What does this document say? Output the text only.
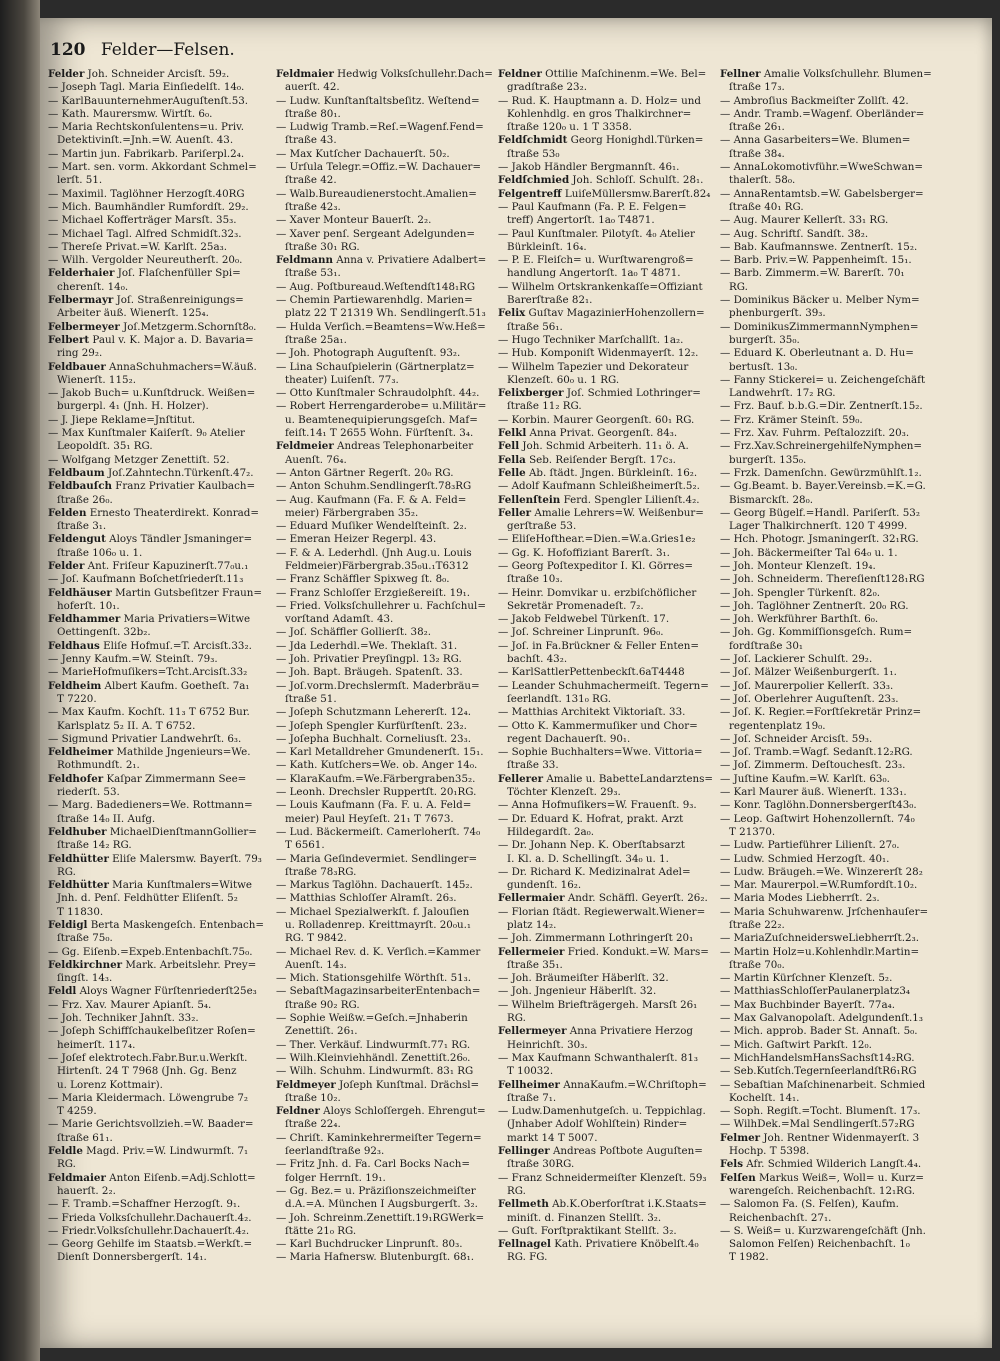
120 Felder—Felsen.
Felder Joh. Schneider Arcisſt. 59₂.
— Joseph Tagl. Maria Einſiedelſt. 14₀.
— KarlBauunternehmerAuguſtenſt.53.
— Kath. Maurersmw. Wirtſt. 6₀.
— Maria Rechtskonſulentens=u. Priv.
Detektivinſt.=Jnh.=W. Auenſt. 43.
— Martin jun. Fabrikarb. Pariſerpl.2₄.
— Mart. sen. vorm. Akkordant Schmel=
lerſt. 51.
— Maximil. Taglöhner Herzogſt.40RG
— Mich. Baumhändler Rumfordſt. 29₂.
— Michael Kofferträger Marsſt. 35₃.
— Michael Tagl. Alfred Schmidſt.32₃.
— Thereſe Privat.=W. Karlſt. 25a₃.
— Wilh. Vergolder Neureutherſt. 20₀.
Felderhaier Joſ. Flaſchenfüller Spi=
cherenſt. 14₀.
Felbermayr Joſ. Straßenreinigungs=
Arbeiter äuß. Wienerſt. 125₄.
Felbermeyer Joſ.Metzgerm.Schornſt8₀.
Felbert Paul v. K. Major a. D. Bavaria=
ring 29₂.
Feldbauer AnnaSchuhmachers=W.äuß.
Wienerſt. 115₂.
— Jakob Buch= u.Kunſtdruck. Weißen=
burgerpl. 4₁ (Jnh. H. Holzer).
— J. Jiepe Reklame=Jnſtitut.
— Max Kunſtmaler Kaiſerſt. 9₀ Atelier
Leopoldſt. 35₁ RG.
— Wolfgang Metzger Zenettiſt. 52.
Feldbaum Joſ.Zahntechn.Türkenſt.47₂.
Feldbauſch Franz Privatier Kaulbach=
ſtraße 26₀.
Felden Ernesto Theaterdirekt. Konrad=
ſtraße 3₁.
Feldengut Aloys Tändler Jsmaninger=
ſtraße 106₀ u. 1.
Felder Ant. Friſeur Kapuzinerſt.77₀u.₁
— Joſ. Kaufmann Boſchetſriederſt.11₃
Feldhäuser Martin Gutsbeſitzer Fraun=
hoferſt. 10₁.
Feldhammer Maria Privatiers=Witwe
Oettingenſt. 32b₂.
Feldhaus Eliſe Hofmuſ.=T. Arcisſt.33₂.
— Jenny Kaufm.=W. Steinſt. 79₃.
— MarieHofmuſikers=Tcht.Arcisſt.33₂
Feldheim Albert Kaufm. Goetheſt. 7a₁
T 7220.
— Max Kaufm. Kochſt. 11₃ T 6752 Bur.
Karlsplatz 5₂ II. A. T 6752.
— Sigmund Privatier Landwehrſt. 6₃.
Feldheimer Mathilde Jngenieurs=We.
Rothmundſt. 2₁.
Feldhofer Kaſpar Zimmermann See=
riederſt. 53.
— Marg. Badedieners=We. Rottmann=
ſtraße 14₀ II. Aufg.
Feldhuber MichaelDienſtmannGollier=
ſtraße 14₂ RG.
Feldhütter Eliſe Malersmw. Bayerſt. 79₃
RG.
Feldhütter Maria Kunſtmalers=Witwe
Jnh. d. Penſ. Feldhütter Eliſenſt. 5₂
T 11830.
Feldigl Berta Maskengeſch. Entenbach=
ſtraße 75₀.
— Gg. Eiſenb.=Expeb.Entenbachſt.75₀.
Feldkirchner Mark. Arbeitslehr. Prey=
ſingſt. 14₃.
Feldl Aloys Wagner Fürſtenriederſt25e₃
— Frz. Xav. Maurer Apianſt. 5₄.
— Joh. Techniker Jahnſt. 33₂.
— Joſeph Schiffſchaukelbeſitzer Roſen=
heimerſt. 117₄.
— Joſef elektrotech.Fabr.Bur.u.Werkſt.
Hirtenſt. 24 T 7968 (Jnh. Gg. Benz
u. Lorenz Kottmair).
— Maria Kleidermach. Löwengrube 7₂
T 4259.
— Marie Gerichtsvollzieh.=W. Baader=
ſtraße 61₁.
Feldle Magd. Priv.=W. Lindwurmſt. 7₁
RG.
Feldmaier Anton Eiſenb.=Adj.Schlott=
hauerſt. 2₂.
— F. Tramb.=Schaffner Herzogſt. 9₁.
— Frieda Volksſchullehr.Dachauerſt.4₂.
— Friedr.Volksſchullehr.Dachauerſt.4₂.
— Georg Gehilfe im Staatsb.=Werkſt.=
Dienſt Donnersbergerſt. 14₁.
Feldmaier Hedwig Volksſchullehr.Dach=
auerſt. 42.
— Ludw. Kunſtanſtaltsbeſitz. Weſtend=
ſtraße 80₁.
— Ludwig Tramb.=Reſ.=Wagenf.Fend=
ſtraße 43.
— Max Kutſcher Dachauerſt. 50₂.
— Urſula Telegr.=Offiz.=W. Dachauer=
ſtraße 42.
— Walb.Bureaudienerstocht.Amalien=
ſtraße 42₃.
— Xaver Monteur Bauerſt. 2₂.
— Xaver penſ. Sergeant Adelgunden=
ſtraße 30₁ RG.
Feldmann Anna v. Privatiere Adalbert=
ſtraße 53₁.
— Aug. Poſtbureaud.Weſtendſt148₁RG
— Chemin Partiewarenhdlg. Marien=
platz 22 T 21319 Wh. Sendlingerſt.51₃
— Hulda Verſich.=Beamtens=Ww.Heß=
ſtraße 25a₁.
— Joh. Photograph Auguſtenſt. 93₂.
— Lina Schauſpielerin (Gärtnerplatz=
theater) Luiſenſt. 77₃.
— Otto Kunſtmaler Schraudolphſt. 44₂.
— Robert Herrengarderobe= u.Militär=
u. Beamtenequipierungsgeſch. Maf=
feiſt.14₁ T 2655 Wohn. Fürſtenſt. 3₄.
Feldmeier Andreas Telephonarbeiter
Auenſt. 76₄.
— Anton Gärtner Regerſt. 20₀ RG.
— Anton Schuhm.Sendlingerſt.78₃RG
— Aug. Kaufmann (Fa. F. & A. Feld=
meier) Färbergraben 35₂.
— Eduard Muſiker Wendelſteinſt. 2₂.
— Emeran Heizer Regerpl. 43.
— F. & A. Lederhdl. (Jnh Aug.u. Louis
Feldmeier)Färbergrab.35₀u.₁T6312
— Franz Schäffler Spixweg ſt. 8₀.
— Franz Schloſſer Erzgießereiſt. 19₁.
— Fried. Volksſchullehrer u. Fachſchul=
vorſtand Adamſt. 43.
— Joſ. Schäffler Gollierſt. 38₂.
— Jda Lederhdl.=We. Theklaſt. 31.
— Joh. Privatier Preyſingpl. 13₂ RG.
— Joh. Bapt. Bräugeh. Spatenſt. 33.
— Joſ.vorm.Drechslermſt. Maderbräu=
ſtraße 51.
— Joſeph Schutzmann Lehererſt. 12₄.
— Joſeph Spengler Kurfürſtenſt. 23₂.
— Joſepha Buchhalt. Corneliusſt. 23₃.
— Karl Metalldreher Gmundenerſt. 15₁.
— Kath. Kutſchers=We. ob. Anger 14₀.
— KlaraKaufm.=We.Färbergraben35₂.
— Leonh. Drechsler Ruppertſt. 20₁RG.
— Louis Kaufmann (Fa. F. u. A. Feld=
meier) Paul Heyſeſt. 21₁ T 7673.
— Lud. Bäckermeiſt. Camerloherſt. 74₀
T 6561.
— Maria Geſindevermiet. Sendlinger=
ſtraße 78₃RG.
— Markus Taglöhn. Dachauerſt. 145₂.
— Matthias Schloſſer Alramſt. 26₃.
— Michael Spezialwerkſt. f. Jalouſien
u. Rolladenrep. Kreittmayrſt. 20₀u.₁
RG. T 9842.
— Michael Rev. d. K. Verſich.=Kammer
Auenſt. 14₃.
— Mich. Stationsgehilfe Wörthſt. 51₃.
— SebaſtMagazinsarbeiterEntenbach=
ſtraße 90₂ RG.
— Sophie Weißw.=Geſch.=Jnhaberin
Zenettiſt. 26₁.
— Ther. Verkäuf. Lindwurmſt.77₁ RG.
— Wilh.Kleinviehhändl. Zenettiſt.26₀.
— Wilh. Schuhm. Lindwurmſt. 83₁ RG
Feldmeyer Joſeph Kunſtmal. Drächsl=
ſtraße 10₂.
Feldner Aloys Schloſſergeh. Ehrengut=
ſtraße 22₄.
— Chriſt. Kaminkehrermeiſter Tegern=
ſeerlandſtraße 92₃.
— Fritz Jnh. d. Fa. Carl Bocks Nach=
folger Herrnſt. 19₁.
— Gg. Bez.= u. Präziſionszeichmeiſter
d.A.=A. München I Augsburgerſt. 3₂.
— Joh. Schreinm.Zenettiſt.19₁RGWerk=
ſtätte 21₀ RG.
— Karl Buchdrucker Linprunſt. 80₃.
— Maria Hafnersw. Blutenburgſt. 68₁.
Feldner Ottilie Maſchinenm.=We. Bel=
gradſtraße 23₂.
— Rud. K. Hauptmann a. D. Holz= und
Kohlenhdlg. en gros Thalkirchner=
ſtraße 120₀ u. 1 T 3358.
Feldſchmidt Georg Honighdl.Türken=
ſtraße 53₀
— Jakob Händler Bergmannſt. 46₁.
Feldſchmied Joh. Schloſſ. Schulſt. 28₁.
Felgentreff LuiſeMüllersmw.Barerſt.82₄
— Paul Kaufmann (Fa. P. E. Felgen=
treff) Angertorſt. 1a₀ T4871.
— Paul Kunſtmaler. Pilotyſt. 4₀ Atelier
Bürkleinſt. 16₄.
— P. E. Fleiſch= u. Wurſtwarengroß=
handlung Angertorſt. 1a₀ T 4871.
— Wilhelm Ortskrankenkaſſe=Offiziant
Barerſtraße 82₁.
Felix Guſtav MagazinierHohenzollern=
ſtraße 56₁.
— Hugo Techniker Marſchallſt. 1a₂.
— Hub. Komponiſt Widenmayerſt. 12₂.
— Wilhelm Tapezier und Dekorateur
Klenzeſt. 60₀ u. 1 RG.
Felixberger Joſ. Schmied Lothringer=
ſtraße 11₂ RG.
— Korbin. Maurer Georgenſt. 60₁ RG.
Felkl Anna Privat. Georgenſt. 84₃.
Fell Joh. Schmid Arbeiterh. 11₁ ö. A.
Fella Seb. Reiſender Bergſt. 17c₃.
Felle Ab. ſtädt. Jngen. Bürkleinſt. 16₂.
— Adolf Kaufmann Schleißheimerſt.5₂.
Fellenſtein Ferd. Spengler Lilienſt.4₂.
Feller Amalie Lehrers=W. Weißenbur=
gerſtraße 53.
— EliſeHofthear.=Dien.=W.a.Gries1e₂
— Gg. K. Hofoffiziant Barerſt. 3₁.
— Georg Poſtexpeditor I. Kl. Görres=
ſtraße 10₃.
— Heinr. Domvikar u. erzbiſchöflicher
Sekretär Promenadeſt. 7₂.
— Jakob Feldwebel Türkenſt. 17.
— Joſ. Schreiner Linprunſt. 96₀.
— Joſ. in Fa.Brückner & Feller Enten=
bachſt. 43₂.
— KarlSattlerPettenbeckſt.6aT4448
— Leander Schuhmachermeiſt. Tegern=
ſeerlandſt. 131₀ RG.
— Matthias Architekt Viktoriaſt. 33.
— Otto K. Kammermuſiker und Chor=
regent Dachauerſt. 90₁.
— Sophie Buchhalters=Wwe. Vittoria=
ſtraße 33.
Fellerer Amalie u. BabetteLandarztens=
Töchter Klenzeſt. 29₃.
— Anna Hofmuſikers=W. Frauenſt. 9₃.
— Dr. Eduard K. Hofrat, prakt. Arzt
Hildegardſt. 2a₀.
— Dr. Johann Nep. K. Oberſtabsarzt
I. Kl. a. D. Schellingſt. 34₀ u. 1.
— Dr. Richard K. Medizinalrat Adel=
gundenſt. 16₂.
Fellermaier Andr. Schäffl. Geyerſt. 26₂.
— Florian ſtädt. Regiewerwalt.Wiener=
platz 14₂.
— Joh. Zimmermann Lothringerſt 20₁
Fellermeier Fried. Kondukt.=W. Mars=
ſtraße 35₁.
— Joh. Bräumeiſter Häberlſt. 32.
— Joh. Jngenieur Häberlſt. 32.
— Wilhelm Briefträgergeh. Marsſt 26₁
RG.
Fellermeyer Anna Privatiere Herzog
Heinrichſt. 30₃.
— Max Kaufmann Schwanthalerſt. 81₃
T 10032.
Fellheimer AnnaKaufm.=W.Chriſtoph=
ſtraße 7₁.
— Ludw.Damenhutgeſch. u. Teppichlag.
(Jnhaber Adolf Wohlſtein) Rinder=
markt 14 T 5007.
Fellinger Andreas Poſtbote Auguſten=
ſtraße 30RG.
— Franz Schneidermeiſter Klenzeſt. 59₃
RG.
Fellmeth Ab.K.Oberforſtrat i.K.Staats=
miniſt. d. Finanzen Stellſt. 3₂.
— Guſt. Forſtpraktikant Stellſt. 3₂.
Fellnagel Kath. Privatiere Knöbelſt.4₀
RG. FG.
Fellner Amalie Volksſchullehr. Blumen=
ſtraße 17₃.
— Ambroſius Backmeiſter Zollſt. 42.
— Andr. Tramb.=Wagenf. Oberländer=
ſtraße 26₁.
— Anna Gasarbeiters=We. Blumen=
ſtraße 38₄.
— AnnaLokomotivführ.=WweSchwan=
thalerſt. 58₀.
— AnnaRentamtsb.=W. Gabelsberger=
ſtraße 40₁ RG.
— Aug. Maurer Kellerſt. 33₁ RG.
— Aug. Schriftſ. Sandſt. 38₂.
— Bab. Kaufmannswe. Zentnerſt. 15₂.
— Barb. Priv.=W. Pappenheimſt. 15₁.
— Barb. Zimmerm.=W. Barerſt. 70₁
RG.
— Dominikus Bäcker u. Melber Nym=
phenburgerſt. 39₃.
— DominikusZimmermannNymphen=
burgerſt. 35₀.
— Eduard K. Oberleutnant a. D. Hu=
bertusſt. 13₀.
— Fanny Stickerei= u. Zeichengeſchäft
Landwehrſt. 17₂ RG.
— Frz. Bauf. b.b.G.=Dir. Zentnerſt.15₂.
— Frz. Krämer Steinſt. 59₀.
— Frz. Xav. Fuhrm. Peſtalozziſt. 20₃.
— Frz.Xav.SchreinergehilfeNymphen=
burgerſt. 135₀.
— Frzk. Damenſchn. Gewürzmühlſt.1₂.
— Gg.Beamt. b. Bayer.Vereinsb.=K.=G.
Bismarckſt. 28₀.
— Georg Bügelf.=Handl. Pariſerſt. 53₂
Lager Thalkirchnerſt. 120 T 4999.
— Hch. Photogr. Jsmaningerſt. 32₁RG.
— Joh. Bäckermeiſter Tal 64₀ u. 1.
— Joh. Monteur Klenzeſt. 19₄.
— Joh. Schneiderm. Thereſienſt128₁RG
— Joh. Spengler Türkenſt. 82₀.
— Joh. Taglöhner Zentnerſt. 20₀ RG.
— Joh. Werkführer Barthſt. 6₀.
— Joh. Gg. Kommiſſionsgeſch. Rum=
fordſtraße 30₁
— Joſ. Lackierer Schulſt. 29₂.
— Joſ. Mälzer Weißenburgerſt. 1₁.
— Joſ. Maurerpolier Kellerſt. 33₃.
— Joſ. Oberlehrer Auguſtenſt. 23₃.
— Joſ. K. Regier.=Forſtſekretär Prinz=
regentenplatz 19₀.
— Joſ. Schneider Arcisſt. 59₃.
— Joſ. Tramb.=Wagf. Sedanſt.12₂RG.
— Joſ. Zimmerm. Deſtouchesſt. 23₃.
— Juſtine Kaufm.=W. Karlſt. 63₀.
— Karl Maurer äuß. Wienerſt. 133₁.
— Konr. Taglöhn.Donnersbergerſt43₀.
— Leop. Gaſtwirt Hohenzollernſt. 74₀
T 21370.
— Ludw. Partieführer Lilienſt. 27₀.
— Ludw. Schmied Herzogſt. 40₁.
— Ludw. Bräugeh.=We. Winzererſt 28₂
— Mar. Maurerpol.=W.Rumfordſt.10₂.
— Maria Modes Liebherrſt. 2₃.
— Maria Schuhwarenw. Jrſchenhauſer=
ſtraße 22₂.
— MariaZuſchneidersweLiebherrſt.2₃.
— Martin Holz=u.Kohlenhdlr.Martin=
ſtraße 70₀.
— Martin Kürſchner Klenzeſt. 5₂.
— MatthiasSchloſſerPaulanerplatz3₄
— Max Buchbinder Bayerſt. 77a₄.
— Max Galvanopolaſt. Adelgundenſt.1₃
— Mich. approb. Bader St. Annaſt. 5₀.
— Mich. Gaſtwirt Parkſt. 12₀.
— MichHandelsmHansSachsſt14₂RG.
— Seb.Kutſch.TegernſeerlandſtR6₁RG
— Sebaſtian Maſchinenarbeit. Schmied
Kochelſt. 14₁.
— Soph. Regiſt.=Tocht. Blumenſt. 17₃.
— WilhDek.=Mal Sendlingerſt.57₂RG
Felmer Joh. Rentner Widenmayerſt. 3
Hochp. T 5398.
Fels Afr. Schmied Wilderich Langſt.4₄.
Felſen Markus Weiß=, Woll= u. Kurz=
warengeſch. Reichenbachſt. 12₁RG.
— Salomon Fa. (S. Felſen), Kaufm.
Reichenbachſt. 27₁.
— S. Weiß= u. Kurzwarengeſchäft (Jnh.
Salomon Felſen) Reichenbachſt. 1₀
T 1982.
